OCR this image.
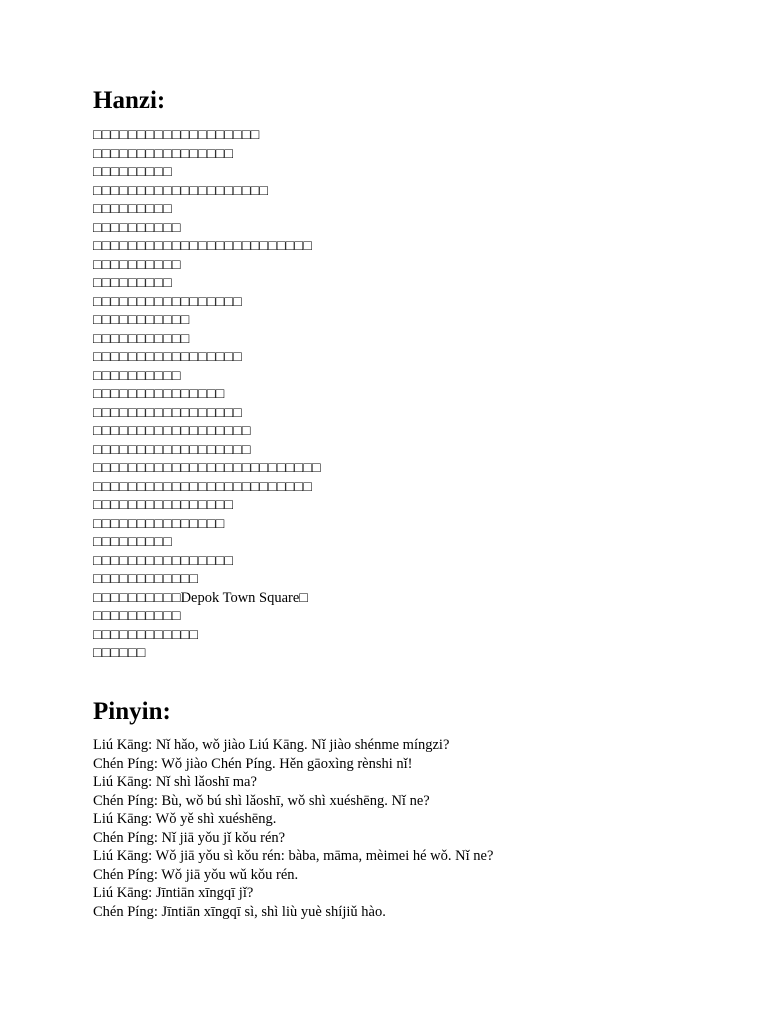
Hanzi:

□□□□□□□□□□□□□□□□□□□

□□□□□□□□□□□□□□□□

□□□□□□□□□

□□□□□□□□□□□□□□□□□□□□

□□□□□□□□□

□□□□□□□□□□

□□□□□□□□□□□□□□□□□□□□□□□□□

□□□□□□□□□□

□□□□□□□□□

□□□□□□□□□□□□□□□□□

□□□□□□□□□□□

□□□□□□□□□□□

□□□□□□□□□□□□□□□□□

□□□□□□□□□□

□□□□□□□□□□□□□□□

□□□□□□□□□□□□□□□□□

□□□□□□□□□□□□□□□□□□

□□□□□□□□□□□□□□□□□□

□□□□□□□□□□□□□□□□□□□□□□□□□□

□□□□□□□□□□□□□□□□□□□□□□□□□

□□□□□□□□□□□□□□□□

□□□□□□□□□□□□□□□

□□□□□□□□□

□□□□□□□□□□□□□□□□

□□□□□□□□□□□□

□□□□□□□□□□Depok Town Square□

□□□□□□□□□□

□□□□□□□□□□□□

□□□□□□

Pinyin:

Liú Kāng: Nǐ hǎo, wǒ jiào Liú Kāng. Nǐ jiào shénme míngzi?

Chén Píng: Wǒ jiào Chén Píng. Hěn gāoxìng rènshi nǐ!

Liú Kāng: Nǐ shì lǎoshī ma?

Chén Píng: Bù, wǒ bú shì lǎoshī, wǒ shì xuéshēng. Nǐ ne?

Liú Kāng: Wǒ yě shì xuéshēng.

Chén Píng: Nǐ jiā yǒu jǐ kǒu rén?

Liú Kāng: Wǒ jiā yǒu sì kǒu rén: bàba, māma, mèimei hé wǒ. Nǐ ne?

Chén Píng: Wǒ jiā yǒu wǔ kǒu rén.

Liú Kāng: Jīntiān xīngqī jǐ?

Chén Píng: Jīntiān xīngqī sì, shì liù yuè shíjiǔ hào.
